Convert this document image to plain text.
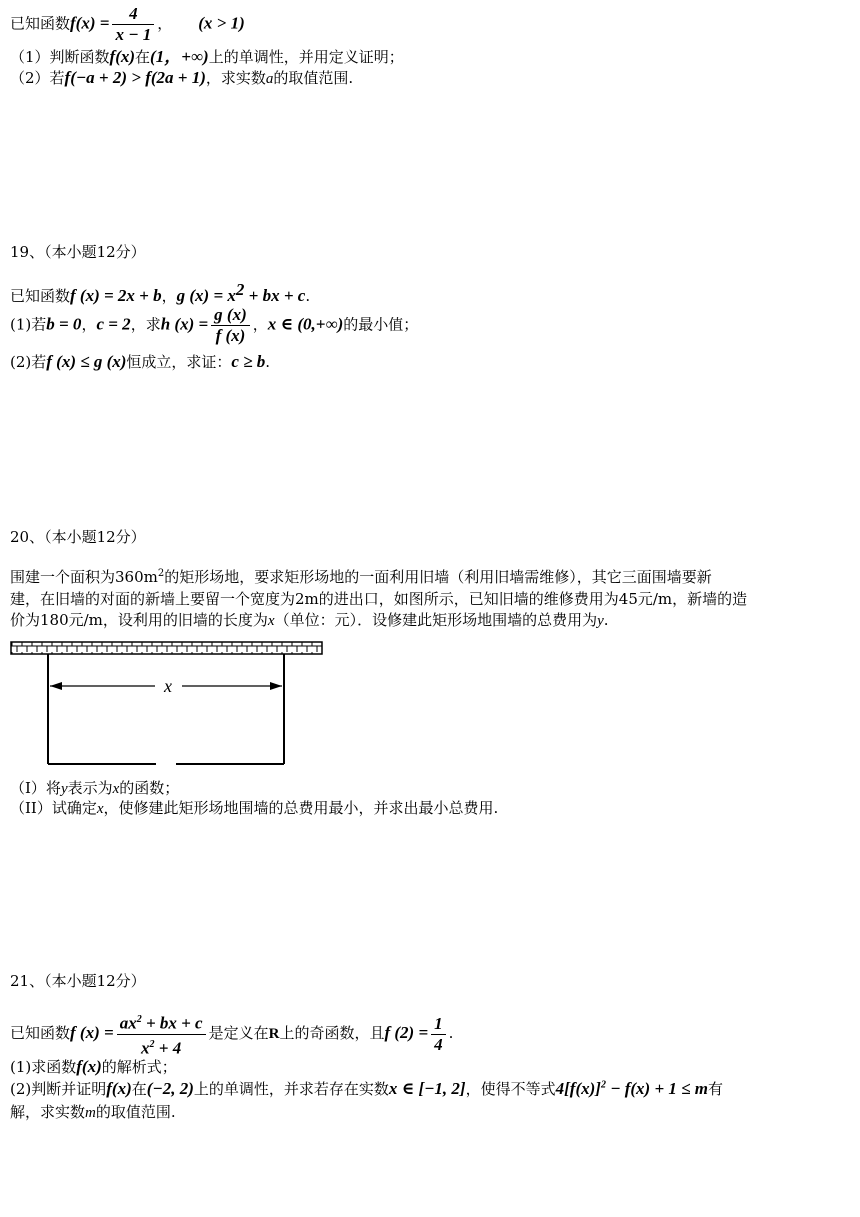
已知函数$f(x) = \frac{4}{x - 1}$ ， (x > 1)
（1）判断函数f(x)在(1，+∞)上的单调性，并用定义证明；
（2）若f(−a + 2) > f(2a + 1)，求实数a的取值范围.
19、（本小题12分）
已知函数f (x) = 2x + b，g $(x) = x^2$ + bx + c.
(1)若b = 0，c = 2，求h $(x) = \frac{g (x)}{f (x)}$ ，x ∈ (0,+∞)的最小值；
(2)若f (x) ≤ g (x)恒成立，求证：c ≥ b.
20、（本小题12分）
围建一个面积为$360m^2$的矩形场地，要求矩形场地的一面利用旧墙（利用旧墙需维修），其它三面围墙要新
建，在旧墙的对面的新墙上要留一个宽度为2m的进出口，如图所示，已知旧墙的维修费用为45元/m，新墙的造
价为180元/m，设利用的旧墙的长度为x（单位：元）．设修建此矩形场地围墙的总费用为y.
x
（I）将y表示为x的函数；
（II）试确定x，使修建此矩形场地围墙的总费用最小，并求出最小总费用.
21、（本小题12分）
已知函数f $(x) = \frac{ax^2 + bx + c}{x^2 + 4}$ 是定义在R上的奇函数，且f $(2) = \frac{1}{4}$ .
(1)求函数f(x)的解析式；
(2)判断并证明f(x)在(−2, 2)上的单调性，并求若存在实数x ∈ [−1, 2]，使得不等式$4[f(x)]^2 - f(x) + 1 \le m$有
解，求实数m的取值范围.
